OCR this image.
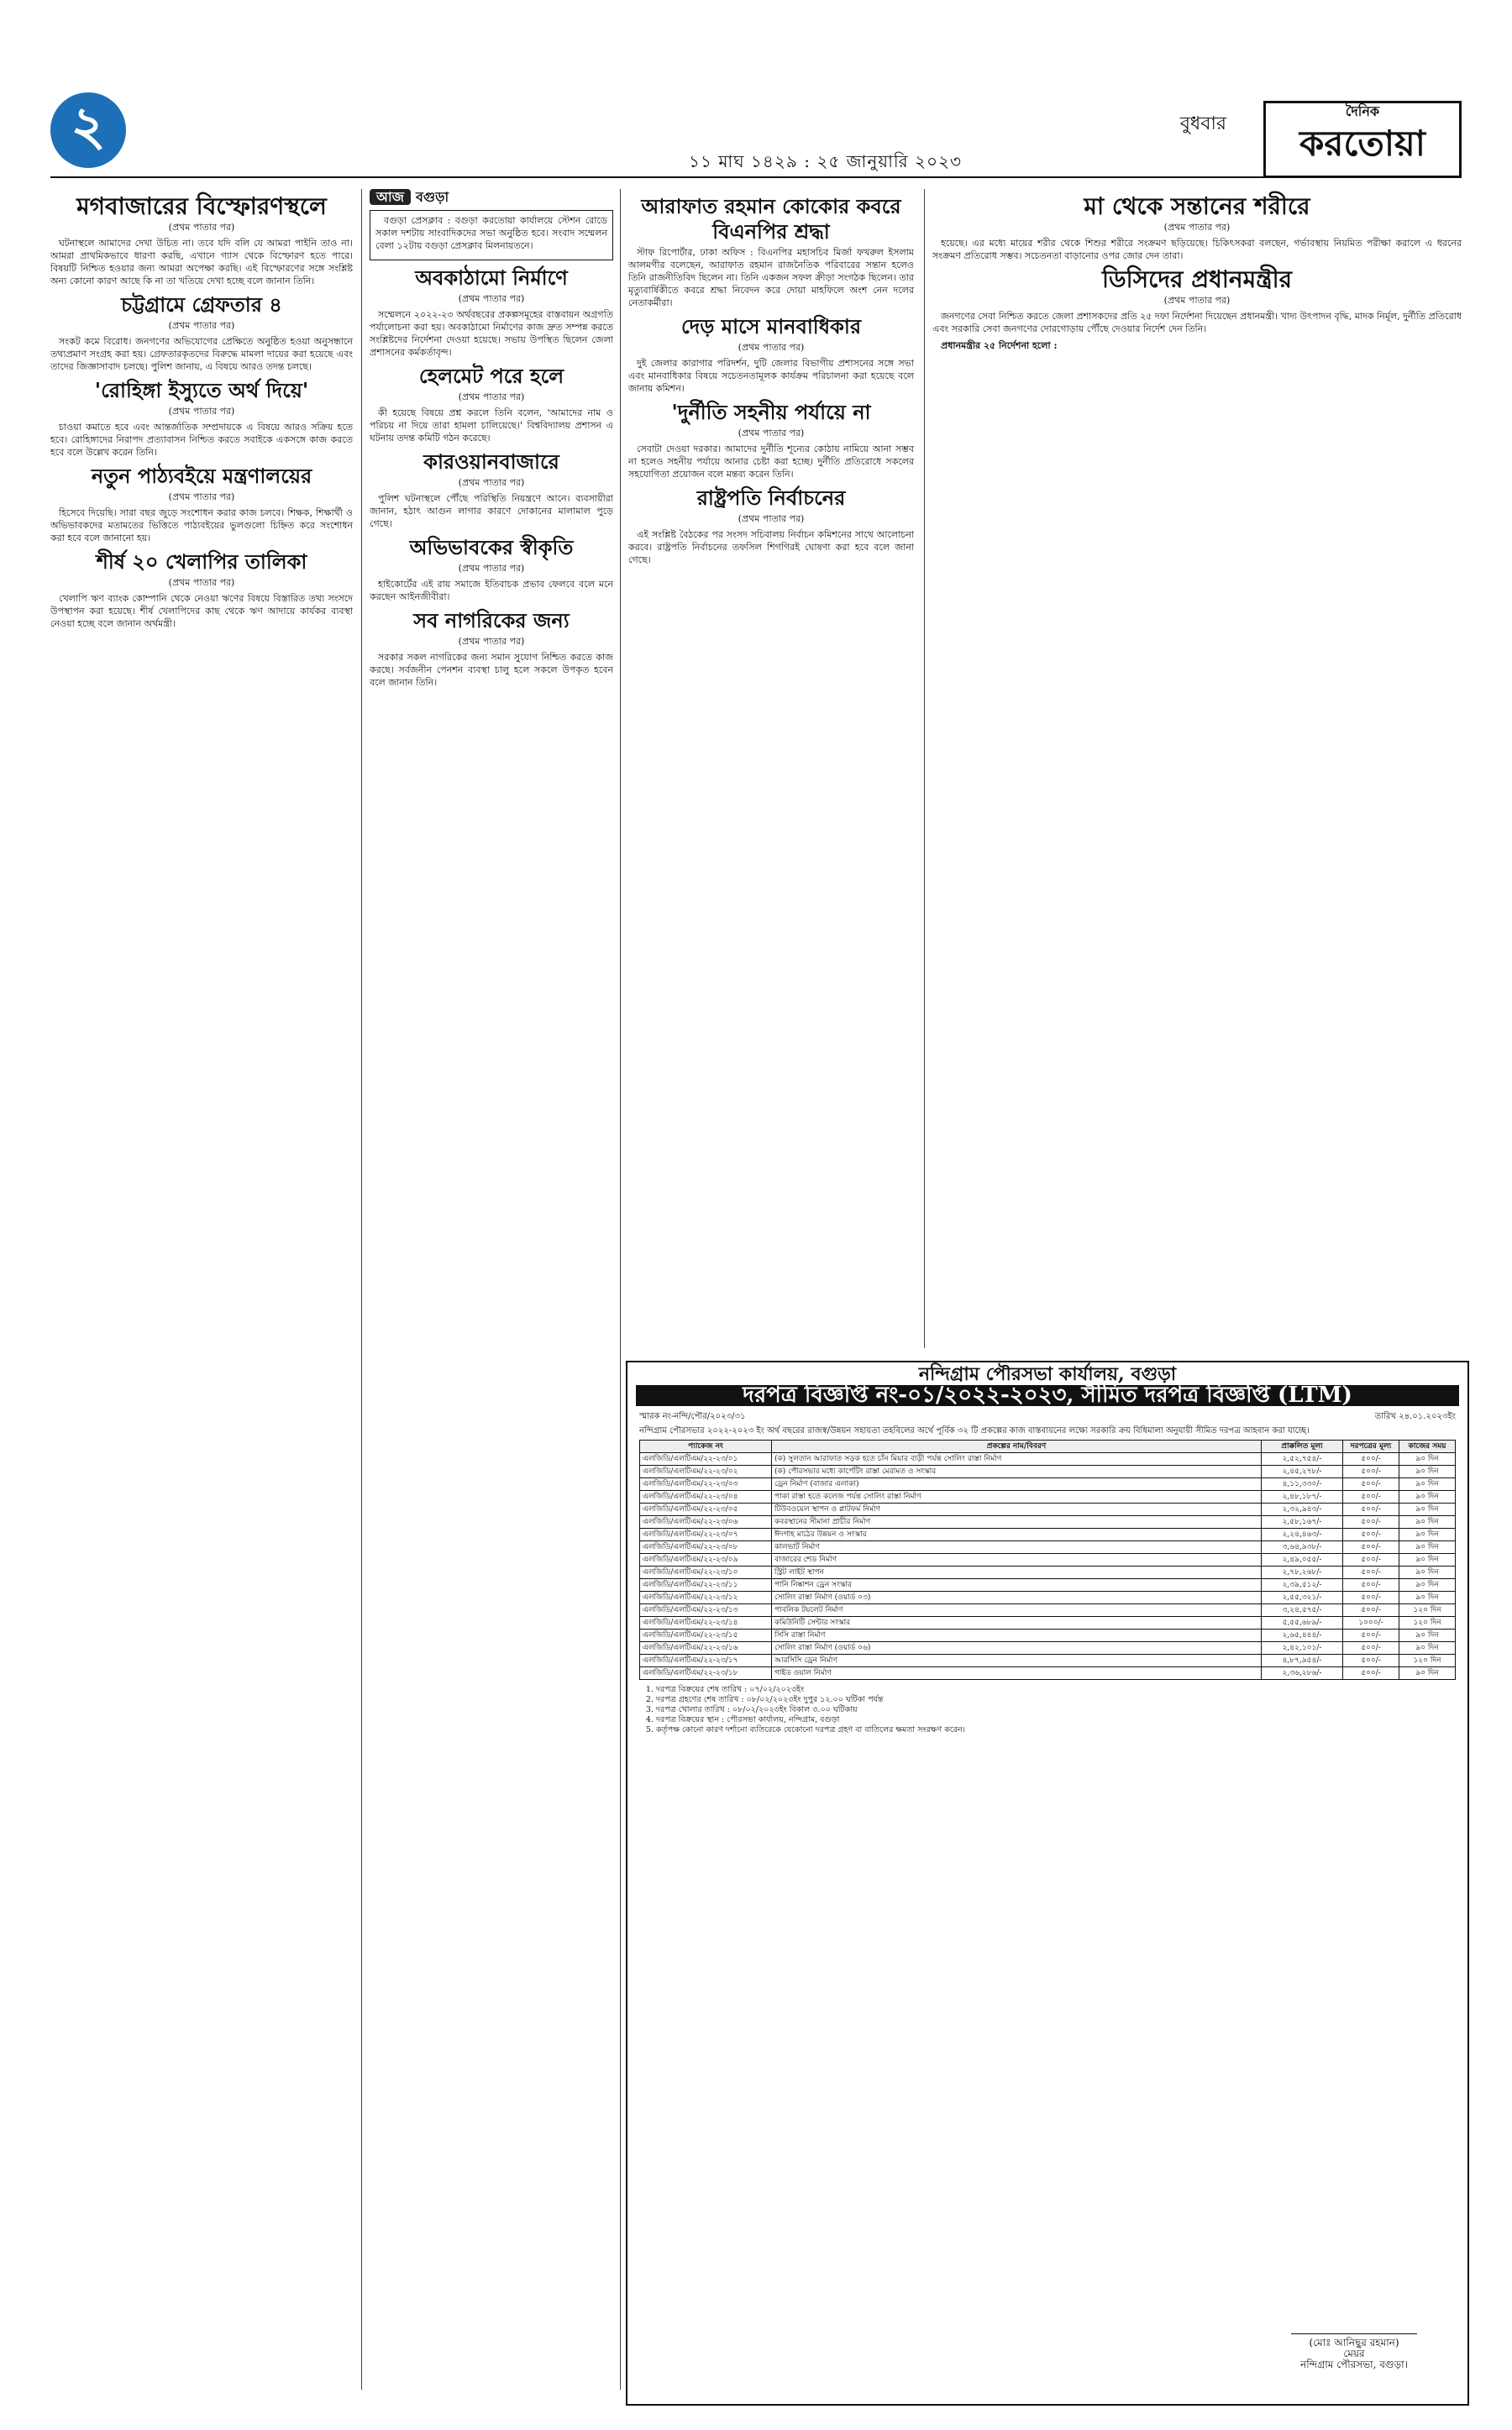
২	বুধবার
১১ মাঘ ১৪২৯ : ২৫ জানুয়ারি ২০২৩
দৈনিক
করতোয়া
মগবাজারের বিস্ফোরণস্থলে
(প্রথম পাতার পর)

ঘটনাস্থলে আমাদের দেখা উচিত না। তবে যদি বলি যে আমরা পাইনি তাও না। আমরা প্রাথমিকভাবে ধারণা করছি, এখানে গ্যাস থেকে বিস্ফোরণ হতে পারে। বিষয়টি নিশ্চিত হওয়ার জন্য আমরা অপেক্ষা করছি। এই বিস্ফোরণের সঙ্গে সংশ্লিষ্ট অন্য কোনো কারণ আছে কি না তা খতিয়ে দেখা হচ্ছে বলে জানান তিনি।

চট্টগ্রামে গ্রেফতার ৪
(প্রথম পাতার পর)

সংকট কমে বিরোধ। জনগণের অভিযোগের প্রেক্ষিতে অনুষ্ঠিত হওয়া অনুসন্ধানে তথ্যপ্রমাণ সংগ্রহ করা হয়। গ্রেফতারকৃতদের বিরুদ্ধে মামলা দায়ের করা হয়েছে এবং তাদের জিজ্ঞাসাবাদ চলছে। পুলিশ জানায়, এ বিষয়ে আরও তদন্ত চলছে।

'রোহিঙ্গা ইস্যুতে অর্থ দিয়ে'
(প্রথম পাতার পর)

চাওয়া কমাতে হবে এবং আন্তর্জাতিক সম্প্রদায়কে এ বিষয়ে আরও সক্রিয় হতে হবে। রোহিঙ্গাদের নিরাপদ প্রত্যাবাসন নিশ্চিত করতে সবাইকে একসঙ্গে কাজ করতে হবে বলে উল্লেখ করেন তিনি।

নতুন পাঠ্যবইয়ে মন্ত্রণালয়ের
(প্রথম পাতার পর)

হিসেবে দিয়েছি। সারা বছর জুড়ে সংশোধন করার কাজ চলবে। শিক্ষক, শিক্ষার্থী ও অভিভাবকদের মতামতের ভিত্তিতে পাঠ্যবইয়ের ভুলগুলো চিহ্নিত করে সংশোধন করা হবে বলে জানানো হয়।

শীর্ষ ২০ খেলাপির তালিকা
(প্রথম পাতার পর)

খেলাপি ঋণ ব্যাংক কোম্পানি থেকে নেওয়া ঋণের বিষয়ে বিস্তারিত তথ্য সংসদে উপস্থাপন করা হয়েছে। শীর্ষ খেলাপিদের কাছ থেকে ঋণ আদায়ে কার্যকর ব্যবস্থা নেওয়া হচ্ছে বলে জানান অর্থমন্ত্রী।

আজ বগুড়া

বগুড়া প্রেসক্লাব : বগুড়া করতোয়া কার্যালয়ে স্টেশন রোডে সকাল দশটায় সাংবাদিকদের সভা অনুষ্ঠিত হবে। সংবাদ সম্মেলন বেলা ১২টায় বগুড়া প্রেসক্লাব মিলনায়তনে।

অবকাঠামো নির্মাণে
(প্রথম পাতার পর)

সম্মেলনে ২০২২-২৩ অর্থবছরের প্রকল্পসমূহের বাস্তবায়ন অগ্রগতি পর্যালোচনা করা হয়। অবকাঠামো নির্মাণের কাজ দ্রুত সম্পন্ন করতে সংশ্লিষ্টদের নির্দেশনা দেওয়া হয়েছে। সভায় উপস্থিত ছিলেন জেলা প্রশাসনের কর্মকর্তাবৃন্দ।

হেলমেট পরে হলে
(প্রথম পাতার পর)

কী হয়েছে বিষয়ে প্রশ্ন করলে তিনি বলেন, 'আমাদের নাম ও পরিচয় না দিয়ে তারা হামলা চালিয়েছে।' বিশ্ববিদ্যালয় প্রশাসন এ ঘটনায় তদন্ত কমিটি গঠন করেছে।

কারওয়ানবাজারে
(প্রথম পাতার পর)

পুলিশ ঘটনাস্থলে পৌঁছে পরিস্থিতি নিয়ন্ত্রণে আনে। ব্যবসায়ীরা জানান, হঠাৎ আগুন লাগার কারণে দোকানের মালামাল পুড়ে গেছে।

অভিভাবকের স্বীকৃতি
(প্রথম পাতার পর)

হাইকোর্টের এই রায় সমাজে ইতিবাচক প্রভাব ফেলবে বলে মনে করছেন আইনজীবীরা।

সব নাগরিকের জন্য
(প্রথম পাতার পর)

সরকার সকল নাগরিকের জন্য সমান সুযোগ নিশ্চিত করতে কাজ করছে। সর্বজনীন পেনশন ব্যবস্থা চালু হলে সকলে উপকৃত হবেন বলে জানান তিনি।

আরাফাত রহমান কোকোর কবরে বিএনপির শ্রদ্ধা

স্টাফ রিপোর্টার, ঢাকা অফিস : বিএনপির মহাসচিব মির্জা ফখরুল ইসলাম আলমগীর বলেছেন, আরাফাত রহমান রাজনৈতিক পরিবারের সন্তান হলেও তিনি রাজনীতিবিদ ছিলেন না। তিনি একজন সফল ক্রীড়া সংগঠক ছিলেন। তার মৃত্যুবার্ষিকীতে কবরে শ্রদ্ধা নিবেদন করে দোয়া মাহফিলে অংশ নেন দলের নেতাকর্মীরা।

দেড় মাসে মানবাধিকার
(প্রথম পাতার পর)

দুই জেলার কারাগার পরিদর্শন, দুটি জেলার বিভাগীয় প্রশাসনের সঙ্গে সভা এবং মানবাধিকার বিষয়ে সচেতনতামূলক কার্যক্রম পরিচালনা করা হয়েছে বলে জানায় কমিশন।

'দুর্নীতি সহনীয় পর্যায়ে না
(প্রথম পাতার পর)

সেবাটা দেওয়া দরকার। আমাদের দুর্নীতি শূন্যের কোঠায় নামিয়ে আনা সম্ভব না হলেও সহনীয় পর্যায়ে আনার চেষ্টা করা হচ্ছে। দুর্নীতি প্রতিরোধে সকলের সহযোগিতা প্রয়োজন বলে মন্তব্য করেন তিনি।

রাষ্ট্রপতি নির্বাচনের
(প্রথম পাতার পর)

এই সংশ্লিষ্ট বৈঠকের পর সংসদ সচিবালয় নির্বাচন কমিশনের সাথে আলোচনা করবে। রাষ্ট্রপতি নির্বাচনের তফসিল শিগগিরই ঘোষণা করা হবে বলে জানা গেছে।

মা থেকে সন্তানের শরীরে
(প্রথম পাতার পর)

হয়েছে। এর মধ্যে মায়ের শরীর থেকে শিশুর শরীরে সংক্রমণ ছড়িয়েছে। চিকিৎসকরা বলছেন, গর্ভাবস্থায় নিয়মিত পরীক্ষা করালে এ ধরনের সংক্রমণ প্রতিরোধ সম্ভব। সচেতনতা বাড়ানোর ওপর জোর দেন তারা।

ডিসিদের প্রধানমন্ত্রীর
(প্রথম পাতার পর)

জনগণের সেবা নিশ্চিত করতে জেলা প্রশাসকদের প্রতি ২৫ দফা নির্দেশনা দিয়েছেন প্রধানমন্ত্রী। খাদ্য উৎপাদন বৃদ্ধি, মাদক নির্মূল, দুর্নীতি প্রতিরোধ এবং সরকারি সেবা জনগণের দোরগোড়ায় পৌঁছে দেওয়ার নির্দেশ দেন তিনি।

প্রধানমন্ত্রীর ২৫ নির্দেশনা হলো :

নন্দিগ্রাম পৌরসভা কার্যালয়, বগুড়া
দরপত্র বিজ্ঞপ্তি নং-০১/২০২২-২০২৩, সীমিত দরপত্র বিজ্ঞপ্তি (LTM)
স্মারক নং-নন্দি/পৌর/২০২৩/৩১	তারিখ ২৪.০১.২০২৩ইং
নন্দিগ্রাম পৌরসভার ২০২২-২০২৩ ইং অর্থ বছরের রাজস্ব/উন্নয়ন সহায়তা তহবিলের অর্থে পূর্বিক ৩২ টি প্রকল্পের কাজ বাস্তবায়নের লক্ষ্যে সরকারি ক্রয় বিধিমালা অনুযায়ী সীমিত দরপত্র আহবান করা যাচ্ছে।
প্যাকেজ নং	প্রকল্পের নাম/বিবরণ	প্রাক্কলিত মূল্য	দরপত্রের মূল্য	কাজের সময়
এলজিডি/এলটিএম/২২-২৩/০১	(ক) সুলতান আরাফাত সড়ক হতে চাঁন মিয়ার বাড়ী পর্যন্ত সোলিং রাস্তা নির্মাণ	২,৫২,৭৫৪/-	৫০০/-	৯০ দিন
এলজিডি/এলটিএম/২২-২৩/০২	(ক) পৌরসভার মধ্যে কার্পেটিং রাস্তা মেরামত ও সংস্কার	২,৪৫,২৭৮/-	৫০০/-	৯০ দিন
এলজিডি/এলটিএম/২২-২৩/০৩	ড্রেন নির্মাণ (বাজার এলাকা)	৪,১১,৩৩০/-	৫০০/-	৯০ দিন
এলজিডি/এলটিএম/২২-২৩/০৪	পাকা রাস্তা হতে কলেজ পর্যন্ত সোলিং রাস্তা নির্মাণ	২,৪৮,১৮৭/-	৫০০/-	৯০ দিন
এলজিডি/এলটিএম/২২-২৩/০৫	টিউবওয়েল স্থাপন ও প্লাটফর্ম নির্মাণ	২,৩২,৯৪৩/-	৫০০/-	৯০ দিন
এলজিডি/এলটিএম/২২-২৩/০৬	কবরস্থানের সীমানা প্রাচীর নির্মাণ	২,৫৮,১৬৭/-	৫০০/-	৯০ দিন
এলজিডি/এলটিএম/২২-২৩/০৭	ঈদগাহ মাঠের উন্নয়ন ও সংস্কার	২,২৪,৪৬৩/-	৫০০/-	৯০ দিন
এলজিডি/এলটিএম/২২-২৩/০৮	কালভার্ট নির্মাণ	৩,৬৪,৯৩৮/-	৫০০/-	৯০ দিন
এলজিডি/এলটিএম/২২-২৩/০৯	বাজারের শেড নির্মাণ	২,৪৯,০৫৫/-	৫০০/-	৯০ দিন
এলজিডি/এলটিএম/২২-২৩/১০	স্ট্রিট লাইট স্থাপন	২,৭৮,২৬৮/-	৫০০/-	৯০ দিন
এলজিডি/এলটিএম/২২-২৩/১১	পানি নিষ্কাশন ড্রেন সংস্কার	২,৩৯,৫১২/-	৫০০/-	৯০ দিন
এলজিডি/এলটিএম/২২-২৩/১২	সোলিং রাস্তা নির্মাণ (ওয়ার্ড ০৩)	২,৫৫,৩২১/-	৫০০/-	৯০ দিন
এলজিডি/এলটিএম/২২-২৩/১৩	পাবলিক টয়লেট নির্মাণ	৩,২৪,৫৭৫/-	৫০০/-	১২০ দিন
এলজিডি/এলটিএম/২২-২৩/১৪	কমিউনিটি সেন্টার সংস্কার	৫,৫৫,৬৮৯/-	১০০০/-	১২০ দিন
এলজিডি/এলটিএম/২২-২৩/১৫	সিসি রাস্তা নির্মাণ	২,৬৫,৪৪৪/-	৫০০/-	৯০ দিন
এলজিডি/এলটিএম/২২-২৩/১৬	সোলিং রাস্তা নির্মাণ (ওয়ার্ড ০৬)	২,৪২,১০১/-	৫০০/-	৯০ দিন
এলজিডি/এলটিএম/২২-২৩/১৭	আরসিসি ড্রেন নির্মাণ	৪,৮৭,৯৫৪/-	৫০০/-	১২০ দিন
এলজিডি/এলটিএম/২২-২৩/১৮	গাইড ওয়াল নির্মাণ	২,৩৬,২৮৬/-	৫০০/-	৯০ দিন
1. দরপত্র বিক্রয়ের শেষ তারিখ : ০৭/০২/২০২৩ইং
2. দরপত্র গ্রহণের শেষ তারিখ : ০৮/০২/২০২৩ইং দুপুর ১২.০০ ঘটিকা পর্যন্ত
3. দরপত্র খোলার তারিখ : ০৮/০২/২০২৩ইং বিকাল ৩.০০ ঘটিকায়
4. দরপত্র বিক্রয়ের স্থান : পৌরসভা কার্যালয়, নন্দিগ্রাম, বগুড়া
5. কর্তৃপক্ষ কোনো কারণ দর্শানো ব্যতিরেকে যেকোনো দরপত্র গ্রহণ বা বাতিলের ক্ষমতা সংরক্ষণ করেন।
(মোঃ আনিছুর রহমান)
মেয়র
নন্দিগ্রাম পৌরসভা, বগুড়া।
